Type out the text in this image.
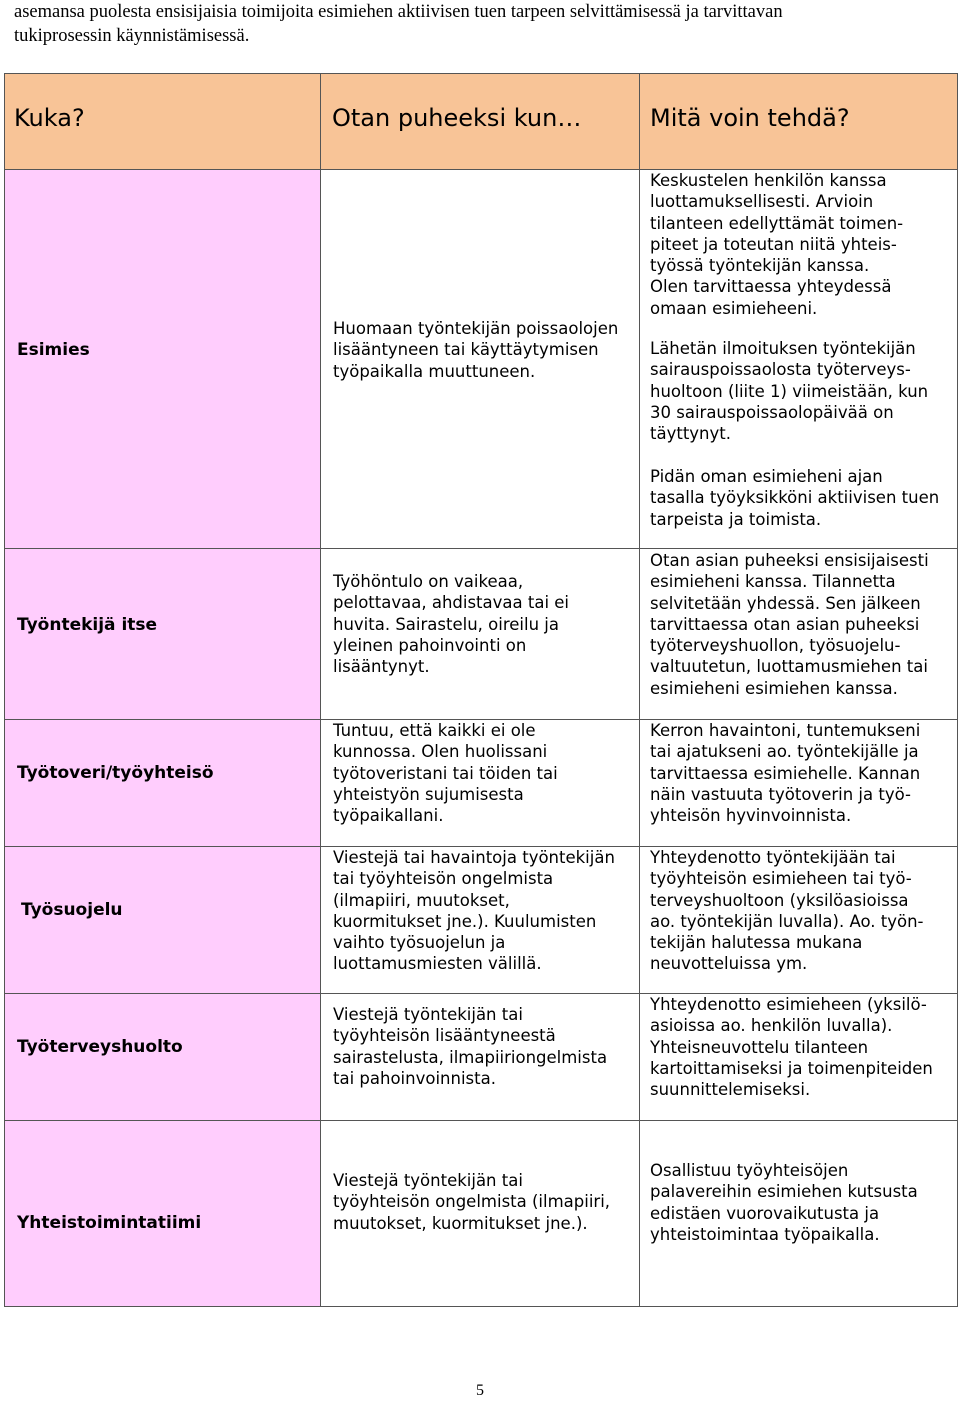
asemansa puolesta ensisijaisia toimijoita esimiehen aktiivisen tuen tarpeen selvittämisessä ja tarvittavan
tukiprosessin käynnistämisessä.
Kuka?	Otan puheeksi kun…	Mitä voin tehdä?
Esimies

Huomaan työntekijän poissaolojen

lisääntyneen tai käyttäytymisen

työpaikalla muuttuneen.

Keskustelen henkilön kanssa

luottamuksellisesti. Arvioin

tilanteen edellyttämät toimen-

piteet ja toteutan niitä yhteis-

työssä työntekijän kanssa.

Olen tarvittaessa yhteydessä

omaan esimieheeni.

Lähetän ilmoituksen työntekijän

sairauspoissaolosta työterveys-

huoltoon (liite 1) viimeistään, kun

30 sairauspoissaolopäivää on

täyttynyt.

Pidän oman esimieheni ajan

tasalla työyksikköni aktiivisen tuen

tarpeista ja toimista.

Työntekijä itse

Työhöntulo on vaikeaa,

pelottavaa, ahdistavaa tai ei

huvita. Sairastelu, oireilu ja

yleinen pahoinvointi on

lisääntynyt.

Otan asian puheeksi ensisijaisesti

esimieheni kanssa. Tilannetta

selvitetään yhdessä. Sen jälkeen

tarvittaessa otan asian puheeksi

työterveyshuollon, työsuojelu-

valtuutetun, luottamusmiehen tai

esimieheni esimiehen kanssa.

Työtoveri/työyhteisö

Tuntuu, että kaikki ei ole

kunnossa. Olen huolissani

työtoveristani tai töiden tai

yhteistyön sujumisesta

työpaikallani.

Kerron havaintoni, tuntemukseni

tai ajatukseni ao. työntekijälle ja

tarvittaessa esimiehelle. Kannan

näin vastuuta työtoverin ja työ-

yhteisön hyvinvoinnista.

Työsuojelu

Viestejä tai havaintoja työntekijän

tai työyhteisön ongelmista

(ilmapiiri, muutokset,

kuormitukset jne.). Kuulumisten

vaihto työsuojelun ja

luottamusmiesten välillä.

Yhteydenotto työntekijään tai

työyhteisön esimieheen tai työ-

terveyshuoltoon (yksilöasioissa

ao. työntekijän luvalla). Ao. työn-

tekijän halutessa mukana

neuvotteluissa ym.

Työterveyshuolto

Viestejä työntekijän tai

työyhteisön lisääntyneestä

sairastelusta, ilmapiiriongelmista

tai pahoinvoinnista.

Yhteydenotto esimieheen (yksilö-

asioissa ao. henkilön luvalla).

Yhteisneuvottelu tilanteen

kartoittamiseksi ja toimenpiteiden

suunnittelemiseksi.

Yhteistoimintatiimi

Viestejä työntekijän tai

työyhteisön ongelmista (ilmapiiri,

muutokset, kuormitukset jne.).

Osallistuu työyhteisöjen

palavereihin esimiehen kutsusta

edistäen vuorovaikutusta ja

yhteistoimintaa työpaikalla.

5
